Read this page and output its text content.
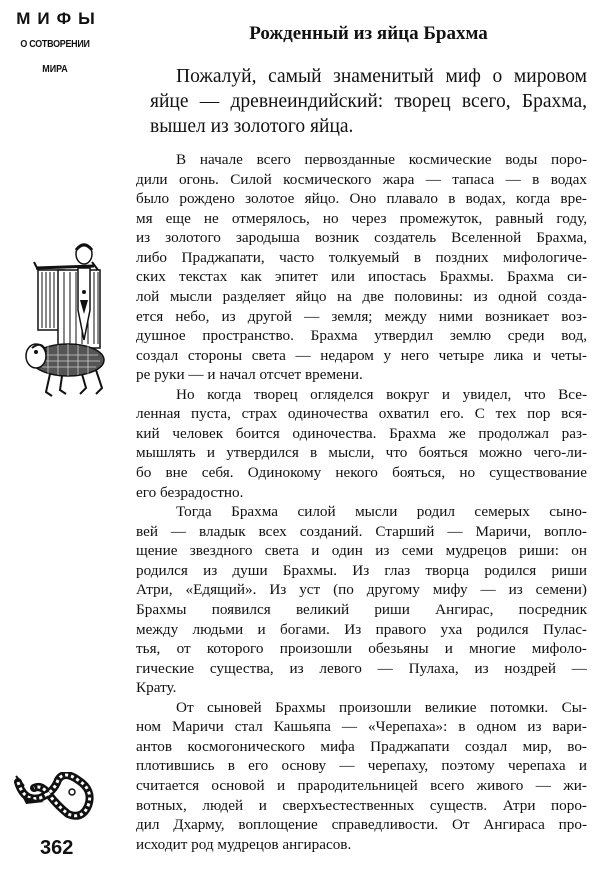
МИФЫ
О СОТВОРЕНИИ
МИРА
Рожденный из яйца Брахма
Пожалуй, самый знаменитый миф о мировом
яйце — древнеиндийский: творец всего, Брахма,
вышел из золотого яйца.
В начале всего первозданные космические воды поро-
дили огонь. Силой космического жара — тапаса — в водах
было рождено золотое яйцо. Оно плавало в водах, когда вре-
мя еще не отмерялось, но через промежуток, равный году,
из золотого зародыша возник создатель Вселенной Брахма,
либо Праджапати, часто толкуемый в поздних мифологиче-
ских текстах как эпитет или ипостась Брахмы. Брахма си-
лой мысли разделяет яйцо на две половины: из одной созда-
ется небо, из другой — земля; между ними возникает воз-
душное пространство. Брахма утвердил землю среди вод,
создал стороны света — недаром у него четыре лика и четы-
ре руки — и начал отсчет времени.
Но когда творец огляделся вокруг и увидел, что Все-
ленная пуста, страх одиночества охватил его. С тех пор вся-
кий человек боится одиночества. Брахма же продолжал раз-
мышлять и утвердился в мысли, что бояться можно чего-ли-
бо вне себя. Одинокому некого бояться, но существование
его безрадостно.
Тогда Брахма силой мысли родил семерых сыно-
вей — владык всех созданий. Старший — Маричи, вопло-
щение звездного света и один из семи мудрецов риши: он
родился из души Брахмы. Из глаз творца родился риши
Атри, «Едящий». Из уст (по другому мифу — из семени)
Брахмы появился великий риши Ангирас, посредник
между людьми и богами. Из правого уха родился Пулас-
тья, от которого произошли обезьяны и многие мифоло-
гические существа, из левого — Пулаха, из ноздрей —
Крату.
От сыновей Брахмы произошли великие потомки. Сы-
ном Маричи стал Кашьяпа — «Черепаха»: в одном из вари-
антов космогонического мифа Праджапати создал мир, во-
плотившись в его основу — черепаху, поэтому черепаха и
считается основой и прародительницей всего живого — жи-
вотных, людей и сверхъестественных существ. Атри поро-
дил Дхарму, воплощение справедливости. От Ангираса про-
исходит род мудрецов ангирасов.
362
